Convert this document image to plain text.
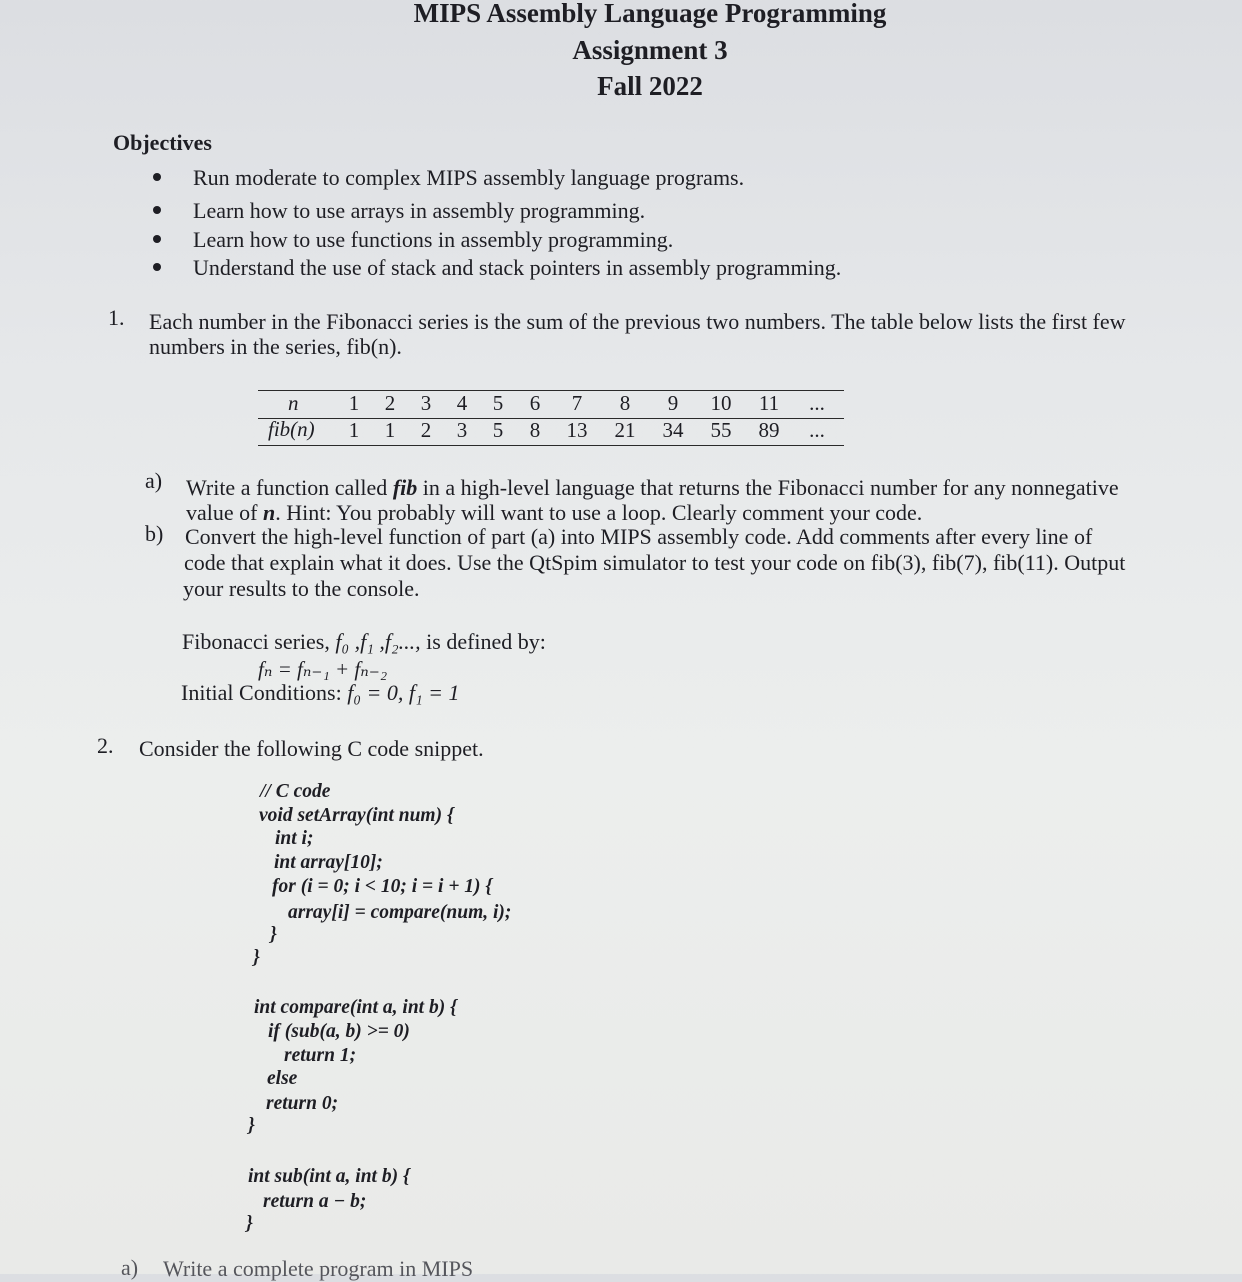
MIPS Assembly Language Programming
Assignment 3
Fall 2022
Objectives
Run moderate to complex MIPS assembly language programs.
Learn how to use arrays in assembly programming.
Learn how to use functions in assembly programming.
Understand the use of stack and stack pointers in assembly programming.
1. Each number in the Fibonacci series is the sum of the previous two numbers. The table below lists the first few
numbers in the series, fib(n).
n
fib(n)
1 2 3 4 5 6 7 8 9 10 11 ...
1 1 2 3 5 8 13 21 34 55 89 ...
a) Write a function called fib in a high-level language that returns the Fibonacci number for any nonnegative
value of n. Hint: You probably will want to use a loop. Clearly comment your code.
b) Convert the high-level function of part (a) into MIPS assembly code. Add comments after every line of
code that explain what it does. Use the QtSpim simulator to test your code on fib(3), fib(7), fib(11). Output
your results to the console.
Fibonacci series, f₀ ,f₁ ,f₂..., is defined by:
fₙ = fₙ₋₁ + fₙ₋₂
Initial Conditions: f₀ = 0, f₁ = 1
2. Consider the following C code snippet.
// C code
void setArray(int num) {
int i;
int array[10];
for (i = 0; i < 10; i = i + 1) {
array[i] = compare(num, i);
}
}
int compare(int a, int b) {
if (sub(a, b) >= 0)
return 1;
else
return 0;
}
int sub(int a, int b) {
return a − b;
}
a) Write a complete program in MIPS
